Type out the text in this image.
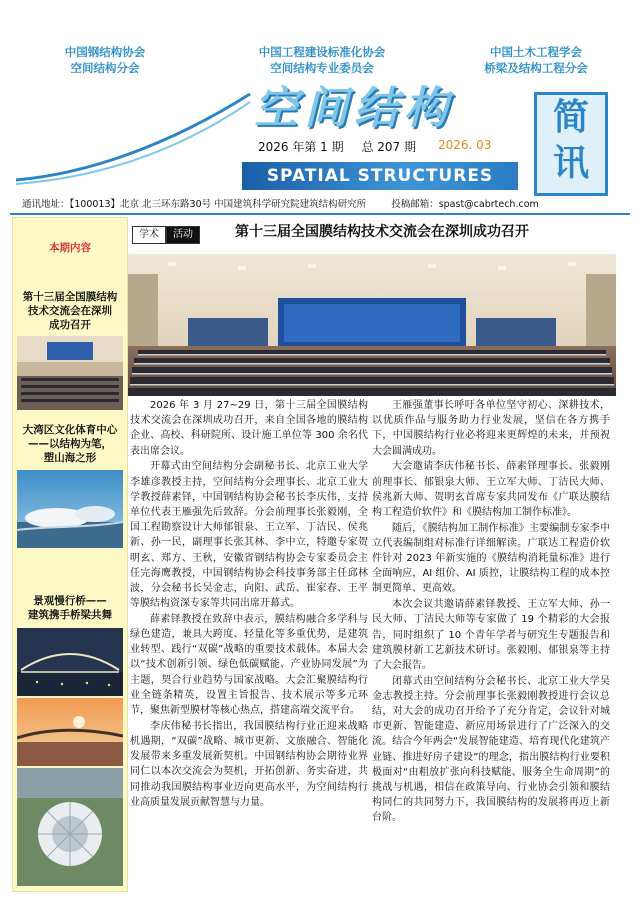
中国钢结构协会
空间结构分会
中国工程建设标准化协会
空间结构专业委员会
中国土木工程学会
桥梁及结构工程分会
空间结构
2026 年第 1 期 总 207 期	2026. 03
SPATIAL STRUCTURES
简
讯
通讯地址：【100013】北京 北三环东路30号 中国建筑科学研究院建筑结构研究所	投稿邮箱：spast@cabrtech.com
本期内容
第十三届全国膜结构
技术交流会在深圳
成功召开
大湾区文化体育中心
——以结构为笔，
塑山海之形
景观慢行桥——
建筑携手桥梁共舞
学术 活动	第十三届全国膜结构技术交流会在深圳成功召开

2026 年 3 月 27~29 日，第十三届全国膜结构技术交流会在深圳成功召开，来自全国各地的膜结构企业、高校、科研院所、设计施工单位等 300 余名代表出席会议。

开幕式由空间结构分会副秘书长、北京工业大学李雄彦教授主持，空间结构分会理事长、北京工业大学教授薛素铎，中国钢结构协会秘书长李庆伟，支持单位代表王雁强先后致辞。分会前理事长张毅刚，全国工程勘察设计大师郁银泉、王立军、丁洁民、侯兆新、孙一民，副理事长张其林、李中立，特邀专家贺明玄、郑方、王秋，安徽省钢结构协会专家委员会主任完海鹰教授，中国钢结构协会科技事务部主任邱林波，分会秘书长吴金志，向阳、武岳、崔家春、王平等膜结构资深专家等共同出席开幕式。

薛素铎教授在致辞中表示，膜结构融合多学科与绿色建造，兼具大跨度、轻量化等多重优势，是建筑业转型、践行“双碳”战略的重要技术载体。本届大会以“技术创新引领、绿色低碳赋能、产业协同发展”为主题，契合行业趋势与国家战略。大会汇聚膜结构行业全链条精英，设置主旨报告、技术展示等多元环节，聚焦新型膜材等核心热点，搭建高端交流平台。

李庆伟秘书长指出，我国膜结构行业正迎来战略机遇期，“双碳”战略、城市更新、文旅融合、智能化发展带来多重发展新契机。中国钢结构协会期待业界同仁以本次交流会为契机，开拓创新、务实奋进，共同推动我国膜结构事业迈向更高水平，为空间结构行业高质量发展贡献智慧与力量。

王雁强董事长呼吁各单位坚守初心、深耕技术，以优质作品与服务助力行业发展，坚信在各方携手下，中国膜结构行业必将迎来更辉煌的未来，并预祝大会圆满成功。

大会邀请李庆伟秘书长、薛素铎理事长、张毅刚前理事长、郁银泉大师、王立军大师、丁洁民大师、侯兆新大师、贺明玄首席专家共同发布《广联达膜结构工程造价软件》和《膜结构加工制作标准》。

随后，《膜结构加工制作标准》主要编制专家李中立代表编制组对标准行详细解读。广联达工程造价软件针对 2023 年新实施的《膜结构消耗量标准》进行全面响应，AI 组价、AI 质控，让膜结构工程的成本控制更简单、更高效。

本次会议共邀请薛素铎教授、王立军大师、孙一民大师、丁洁民大师等专家做了 19 个精彩的大会报告，同时组织了 10 个青年学者与研究生专题报告和建筑膜材新工艺新技术研讨。张毅刚、郁银泉等主持了大会报告。

闭幕式由空间结构分会秘书长、北京工业大学吴金志教授主持。分会前理事长张毅刚教授进行会议总结，对大会的成功召开给予了充分肯定，会议针对城市更新、智能建造、新应用场景进行了广泛深入的交流。结合今年两会“发展智能建造、培育现代化建筑产业链、推进好房子建设”的理念，指出膜结构行业要积极面对“由粗放扩张向科技赋能、服务全生命周期”的挑战与机遇，相信在政策导向、行业协会引领和膜结构同仁的共同努力下，我国膜结构的发展将再迈上新台阶。
